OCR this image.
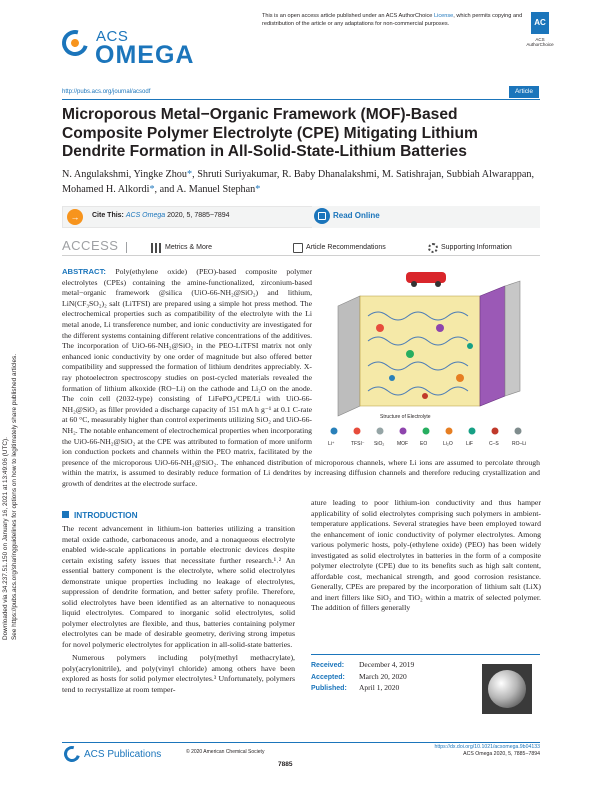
Downloaded via 34.237.51.150 on January 16, 2021 at 13:49:06 (UTC). See https://pubs.acs.org/sharingguidelines for options on how to legitimately share published articles.
ACS
OMEGA
This is an open access article published under an ACS AuthorChoice License, which permits copying and redistribution of the article or any adaptations for non-commercial purposes.	AC
ACS AuthorChoice
http://pubs.acs.org/journal/acsodf	Article
Microporous Metal−Organic Framework (MOF)-Based Composite Polymer Electrolyte (CPE) Mitigating Lithium Dendrite Formation in All-Solid-State-Lithium Batteries
N. Angulakshmi, Yingke Zhou*, Shruti Suriyakumar, R. Baby Dhanalakshmi, M. Satishrajan, Subbiah Alwarappan, Mohamed H. Alkordi*, and A. Manuel Stephan*
→	Cite This: ACS Omega 2020, 5, 7885−7894	Read Online
ACCESS	Metrics & More	Article Recommendations	Supporting Information
ABSTRACT: Poly(ethylene oxide) (PEO)-based composite polymer electrolytes (CPEs) containing the amine-functionalized, zirconium-based metal−organic framework @silica (UiO-66-NH₂@SiO₂) and lithium, LiN(CF₃SO₂)₂ salt (LiTFSI) are prepared using a simple hot press method. The electrochemical properties such as compatibility of the electrolyte with the Li metal anode, Li transference number, and ionic conductivity are investigated for the different systems containing different relative concentrations of the additives. The incorporation of UiO-66-NH₂@SiO₂ in the PEO-LiTFSI matrix not only enhanced ionic conductivity by one order of magnitude but also offered better compatibility and suppressed the formation of lithium dendrites appreciably. X-ray photoelectron spectroscopy studies on post-cycled materials revealed the formation of lithium alkoxide (RO−Li) on the cathode and Li₂O on the anode. The coin cell (2032-type) consisting of LiFePO₄/CPE/Li with UiO-66-NH₂@SiO₂ as filler provided a discharge capacity of 151 mA h g⁻¹ at 0.1 C-rate at 60 °C, measurably higher than control experiments utilizing SiO₂ and UiO-66-NH₂. The notable enhancement of electrochemical properties when incorporating the UiO-66-NH₂@SiO₂ at the CPE was attributed to formation of more uniform ion conduction pockets and channels within the PEO matrix, facilitated by the presence of the microporous UiO-66-NH₂@SiO₂. The enhanced distribution of microporous channels, where Li ions are assumed to percolate through within the matrix, is assumed to desirably reduce formation of Li dendrites by increasing diffusion channels and therefore reducing crystallization and growth of dendrites at the electrode surface.
Structure of Electrolyte
Li⁺	TFSI⁻ SiO₂	MOF EO	Li₂O	LiF	C–S	RO–Li
INTRODUCTION

The recent advancement in lithium-ion batteries utilizing a transition metal oxide cathode, carbonaceous anode, and a nonaqueous electrolyte enabled wide-scale applications in portable electronic devices despite certain existing safety issues that necessitate further research.¹˒² An essential battery component is the electrolyte, where solid electrolytes demonstrate unique properties including no leakage of electrolytes, suppression of dendrite formation, and better safety profile. Therefore, solid electrolytes have been identified as an alternative to nonaqueous liquid electrolytes. Compared to inorganic solid electrolytes, solid polymer electrolytes are flexible, and thus, batteries containing polymer electrolytes can be made of desirable geometry, deriving strong impetus for novel polymeric electrolytes for application in all-solid-state batteries.

Numerous polymers including poly(methyl methacrylate), poly(acrylonitrile), and poly(vinyl chloride) among others have been explored as hosts for solid polymer electrolytes.³ Unfortunately, polymers tend to recrystallize at room temper-

ature leading to poor lithium-ion conductivity and thus hamper applicability of solid electrolytes comprising such polymers in ambient-temperature applications. Several strategies have been employed toward the enhancement of ionic conductivity of polymer electrolytes. Among various polymeric hosts, poly-(ethylene oxide) (PEO) has been widely investigated as solid electrolytes in batteries in the form of a composite polymer electrolyte (CPE) due to its benefits such as high salt content, affordable cost, mechanical strength, and good corrosion resistance. Generally, CPEs are prepared by the incorporation of lithium salt (LiX) and inert fillers like SiO₂ and TiO₂ within a matrix of selected polymer. The addition of fillers generally

Received: December 4, 2019
Accepted: March 20, 2020
Published: April 1, 2020
ACS Publications	© 2020 American Chemical Society
7885
https://dx.doi.org/10.1021/acsomega.9b04133
ACS Omega 2020, 5, 7885−7894
